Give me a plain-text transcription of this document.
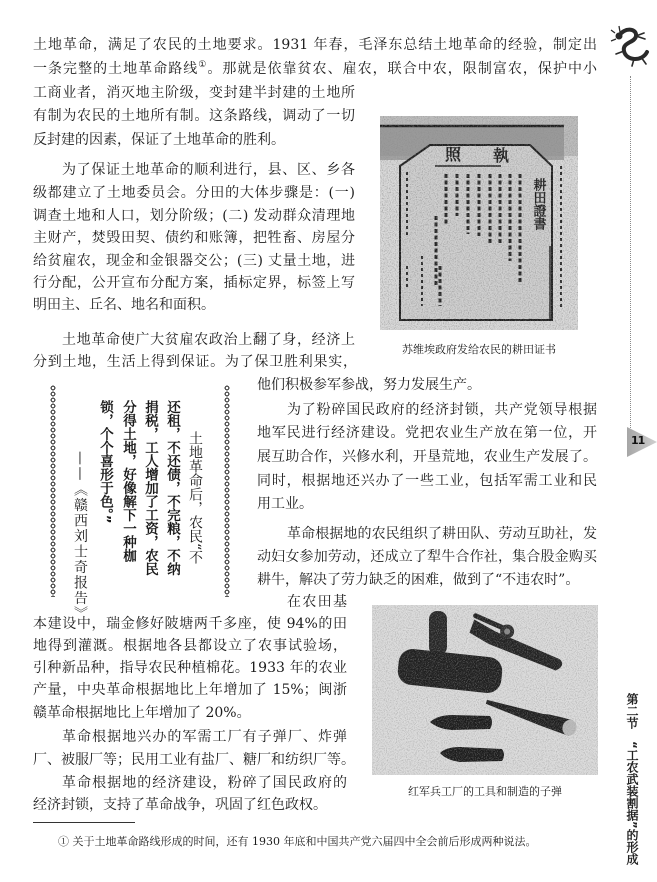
11
第二节“工农武装割据”的形成
土地革命，满足了农民的土地要求。1931 年春，毛泽东总结土地革命的经验，制定出
一条完整的土地革命路线①。那就是依靠贫农、雇农，联合中农，限制富农，保护中小
工商业者，消灭地主阶级，变封建半封建的土地所
有制为农民的土地所有制。这条路线，调动了一切
反封建的因素，保证了土地革命的胜利。
为了保证土地革命的顺利进行，县、区、乡各
级都建立了土地委员会。分田的大体步骤是：(一)
调查土地和人口，划分阶级；(二) 发动群众清理地
主财产，焚毁田契、债约和账簿，把牲畜、房屋分
给贫雇农，现金和金银器交公；(三) 丈量土地，进
行分配，公开宣布分配方案，插标定界，标签上写
明田主、丘名、地名和面积。
土地革命使广大贫雇农政治上翻了身，经济上
分到土地，生活上得到保证。为了保卫胜利果实，
他们积极参军参战，努力发展生产。
为了粉碎国民政府的经济封锁，共产党领导根据
地军民进行经济建设。党把农业生产放在第一位，开
展互助合作，兴修水利，开垦荒地，农业生产发展了。
同时，根据地还兴办了一些工业，包括军需工业和民
用工业。
革命根据地的农民组织了耕田队、劳动互助社，发
动妇女参加劳动，还成立了犁牛合作社，集合股金购买
耕牛，解决了劳力缺乏的困难，做到了“不违农时”。
在农田基
本建设中，瑞金修好陂塘两千多座，使 94%的田
地得到灌溉。根据地各县都设立了农事试验场，
引种新品种，指导农民种植棉花。1933 年的农业
产量，中央革命根据地比上年增加了 15%；闽浙
赣革命根据地比上年增加了 20%。
革命根据地兴办的军需工厂有子弹厂、炸弹
厂、被服厂等；民用工业有盐厂、糖厂和纺织厂等。
革命根据地的经济建设，粉碎了国民政府的
经济封锁，支持了革命战争，巩固了红色政权。
土地革命后，农民“不
还租，不还债，不完粮，不纳
捐税，工人增加了工资，农民
分得土地，好像解下一种枷
锁，个个喜形于色。”
——《赣西刘士奇报告》
苏维埃政府发给农民的耕田证书
红军兵工厂的工具和制造的子弹
① 关于土地革命路线形成的时间，还有 1930 年底和中国共产党六届四中全会前后形成两种说法。
